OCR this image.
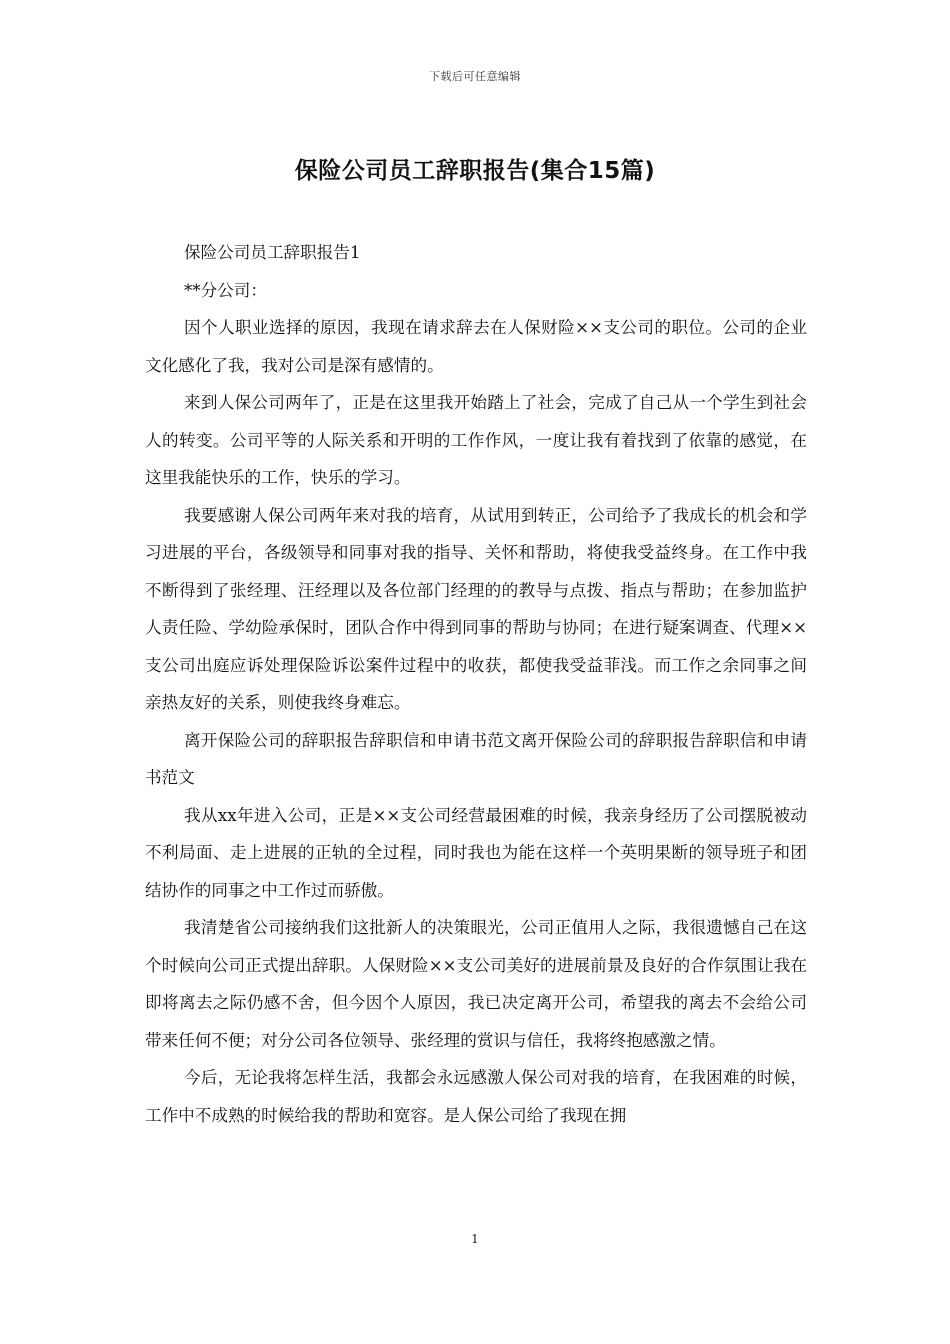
下载后可任意编辑
保险公司员工辞职报告(集合15篇)

保险公司员工辞职报告1

**分公司：

因个人职业选择的原因，我现在请求辞去在人保财险××支公司的职位。公司的企业文化感化了我，我对公司是深有感情的。

来到人保公司两年了，正是在这里我开始踏上了社会，完成了自己从一个学生到社会人的转变。公司平等的人际关系和开明的工作作风，一度让我有着找到了依靠的感觉，在这里我能快乐的工作，快乐的学习。

我要感谢人保公司两年来对我的培育，从试用到转正，公司给予了我成长的机会和学习进展的平台，各级领导和同事对我的指导、关怀和帮助，将使我受益终身。在工作中我不断得到了张经理、汪经理以及各位部门经理的的教导与点拨、指点与帮助；在参加监护人责任险、学幼险承保时，团队合作中得到同事的帮助与协同；在进行疑案调查、代理××支公司出庭应诉处理保险诉讼案件过程中的收获，都使我受益菲浅。而工作之余同事之间亲热友好的关系，则使我终身难忘。

离开保险公司的辞职报告辞职信和申请书范文离开保险公司的辞职报告辞职信和申请书范文

我从xx年进入公司，正是××支公司经营最困难的时候，我亲身经历了公司摆脱被动不利局面、走上进展的正轨的全过程，同时我也为能在这样一个英明果断的领导班子和团结协作的同事之中工作过而骄傲。

我清楚省公司接纳我们这批新人的决策眼光，公司正值用人之际，我很遗憾自己在这个时候向公司正式提出辞职。人保财险××支公司美好的进展前景及良好的合作氛围让我在即将离去之际仍感不舍，但今因个人原因，我已决定离开公司，希望我的离去不会给公司带来任何不便；对分公司各位领导、张经理的赏识与信任，我将终抱感激之情。

今后，无论我将怎样生活，我都会永远感激人保公司对我的培育，在我困难的时候，工作中不成熟的时候给我的帮助和宽容。是人保公司给了我现在拥

1
